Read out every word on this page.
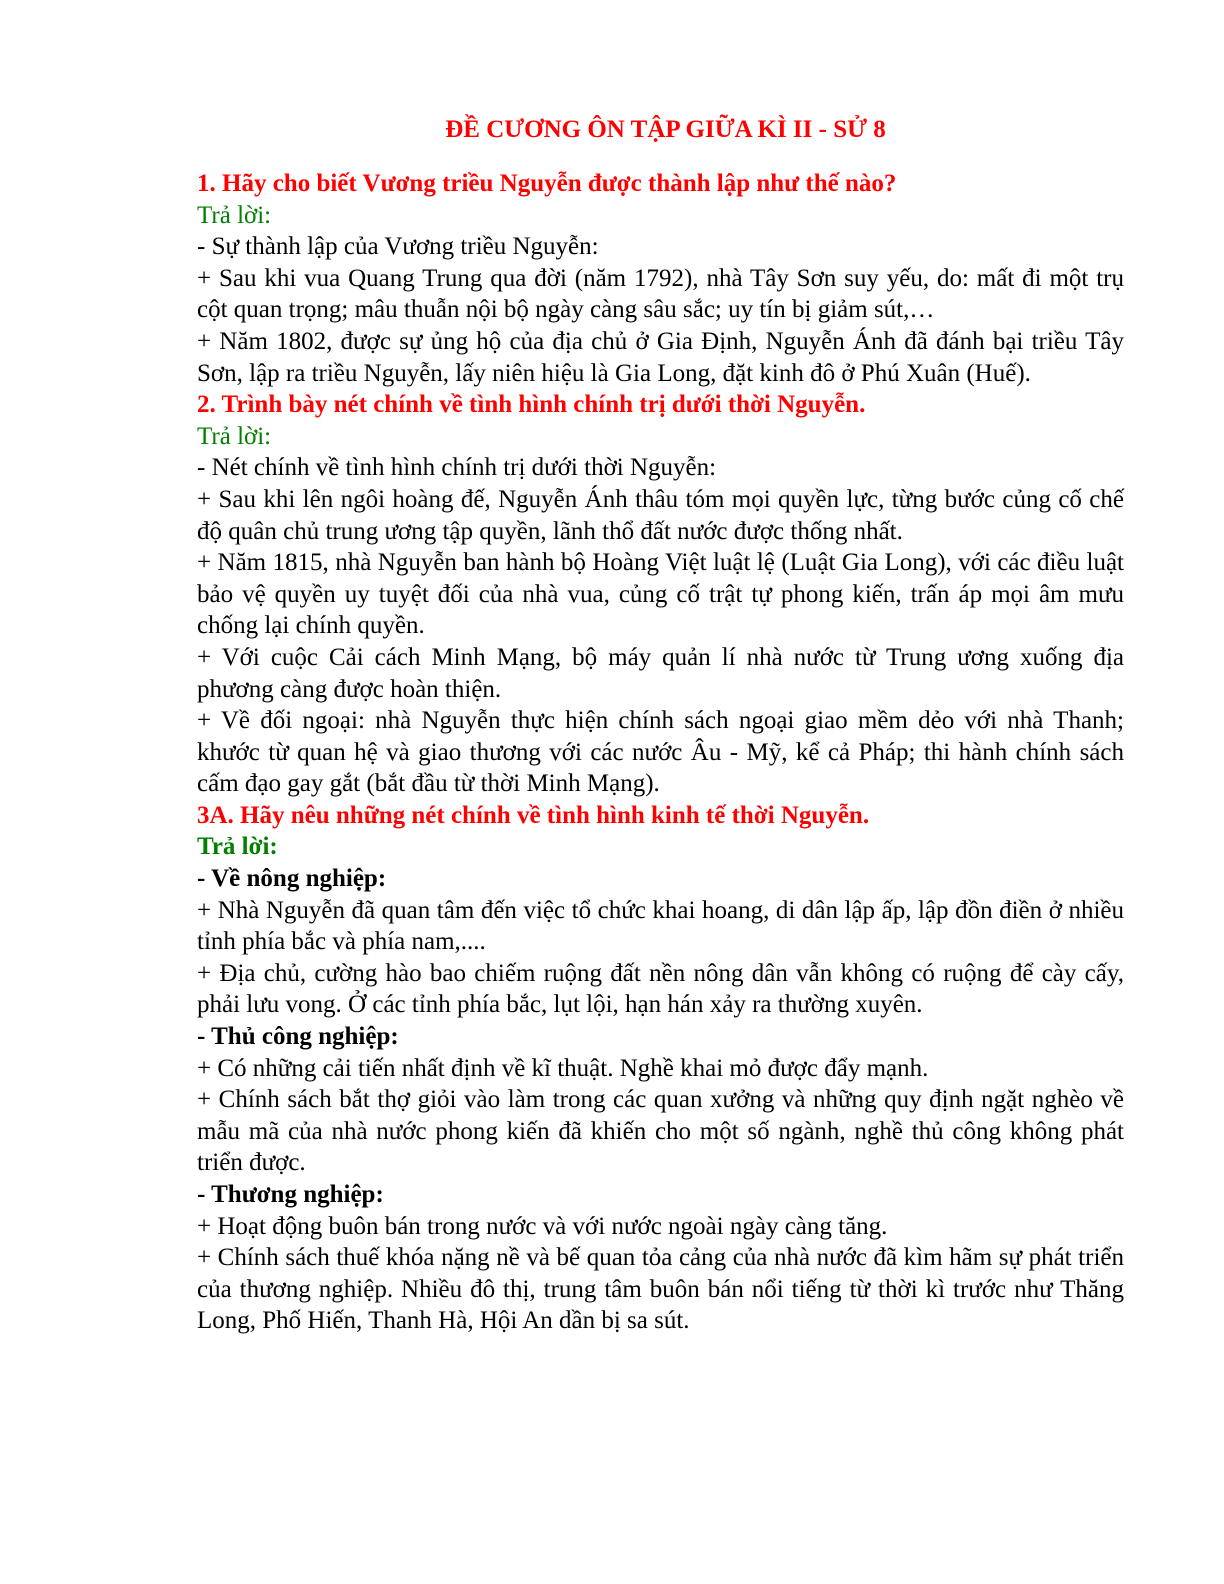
ĐỀ CƯƠNG ÔN TẬP GIỮA KÌ II - SỬ 8

1. Hãy cho biết Vương triều Nguyễn được thành lập như thế nào?

Trả lời:

- Sự thành lập của Vương triều Nguyễn:

+ Sau khi vua Quang Trung qua đời (năm 1792), nhà Tây Sơn suy yếu, do: mất đi một trụ cột quan trọng; mâu thuẫn nội bộ ngày càng sâu sắc; uy tín bị giảm sút,…

+ Năm 1802, được sự ủng hộ của địa chủ ở Gia Định, Nguyễn Ánh đã đánh bại triều Tây Sơn, lập ra triều Nguyễn, lấy niên hiệu là Gia Long, đặt kinh đô ở Phú Xuân (Huế).

2. Trình bày nét chính về tình hình chính trị dưới thời Nguyễn.

Trả lời:

- Nét chính về tình hình chính trị dưới thời Nguyễn:

+ Sau khi lên ngôi hoàng đế, Nguyễn Ánh thâu tóm mọi quyền lực, từng bước củng cố chế độ quân chủ trung ương tập quyền, lãnh thổ đất nước được thống nhất.

+ Năm 1815, nhà Nguyễn ban hành bộ Hoàng Việt luật lệ (Luật Gia Long), với các điều luật bảo vệ quyền uy tuyệt đối của nhà vua, củng cố trật tự phong kiến, trấn áp mọi âm mưu chống lại chính quyền.

+ Với cuộc Cải cách Minh Mạng, bộ máy quản lí nhà nước từ Trung ương xuống địa phương càng được hoàn thiện.

+ Về đối ngoại: nhà Nguyễn thực hiện chính sách ngoại giao mềm dẻo với nhà Thanh; khước từ quan hệ và giao thương với các nước Âu - Mỹ, kể cả Pháp; thi hành chính sách cấm đạo gay gắt (bắt đầu từ thời Minh Mạng).

3A. Hãy nêu những nét chính về tình hình kinh tế thời Nguyễn.

Trả lời:

- Về nông nghiệp:

+ Nhà Nguyễn đã quan tâm đến việc tổ chức khai hoang, di dân lập ấp, lập đồn điền ở nhiều tỉnh phía bắc và phía nam,....

+ Địa chủ, cường hào bao chiếm ruộng đất nền nông dân vẫn không có ruộng để cày cấy, phải lưu vong. Ở các tỉnh phía bắc, lụt lội, hạn hán xảy ra thường xuyên.

- Thủ công nghiệp:

+ Có những cải tiến nhất định về kĩ thuật. Nghề khai mỏ được đẩy mạnh.

+ Chính sách bắt thợ giỏi vào làm trong các quan xưởng và những quy định ngặt nghèo về mẫu mã của nhà nước phong kiến đã khiến cho một số ngành, nghề thủ công không phát triển được.

- Thương nghiệp:

+ Hoạt động buôn bán trong nước và với nước ngoài ngày càng tăng.

+ Chính sách thuế khóa nặng nề và bế quan tỏa cảng của nhà nước đã kìm hãm sự phát triển của thương nghiệp. Nhiều đô thị, trung tâm buôn bán nổi tiếng từ thời kì trước như Thăng Long, Phố Hiến, Thanh Hà, Hội An dần bị sa sút.
